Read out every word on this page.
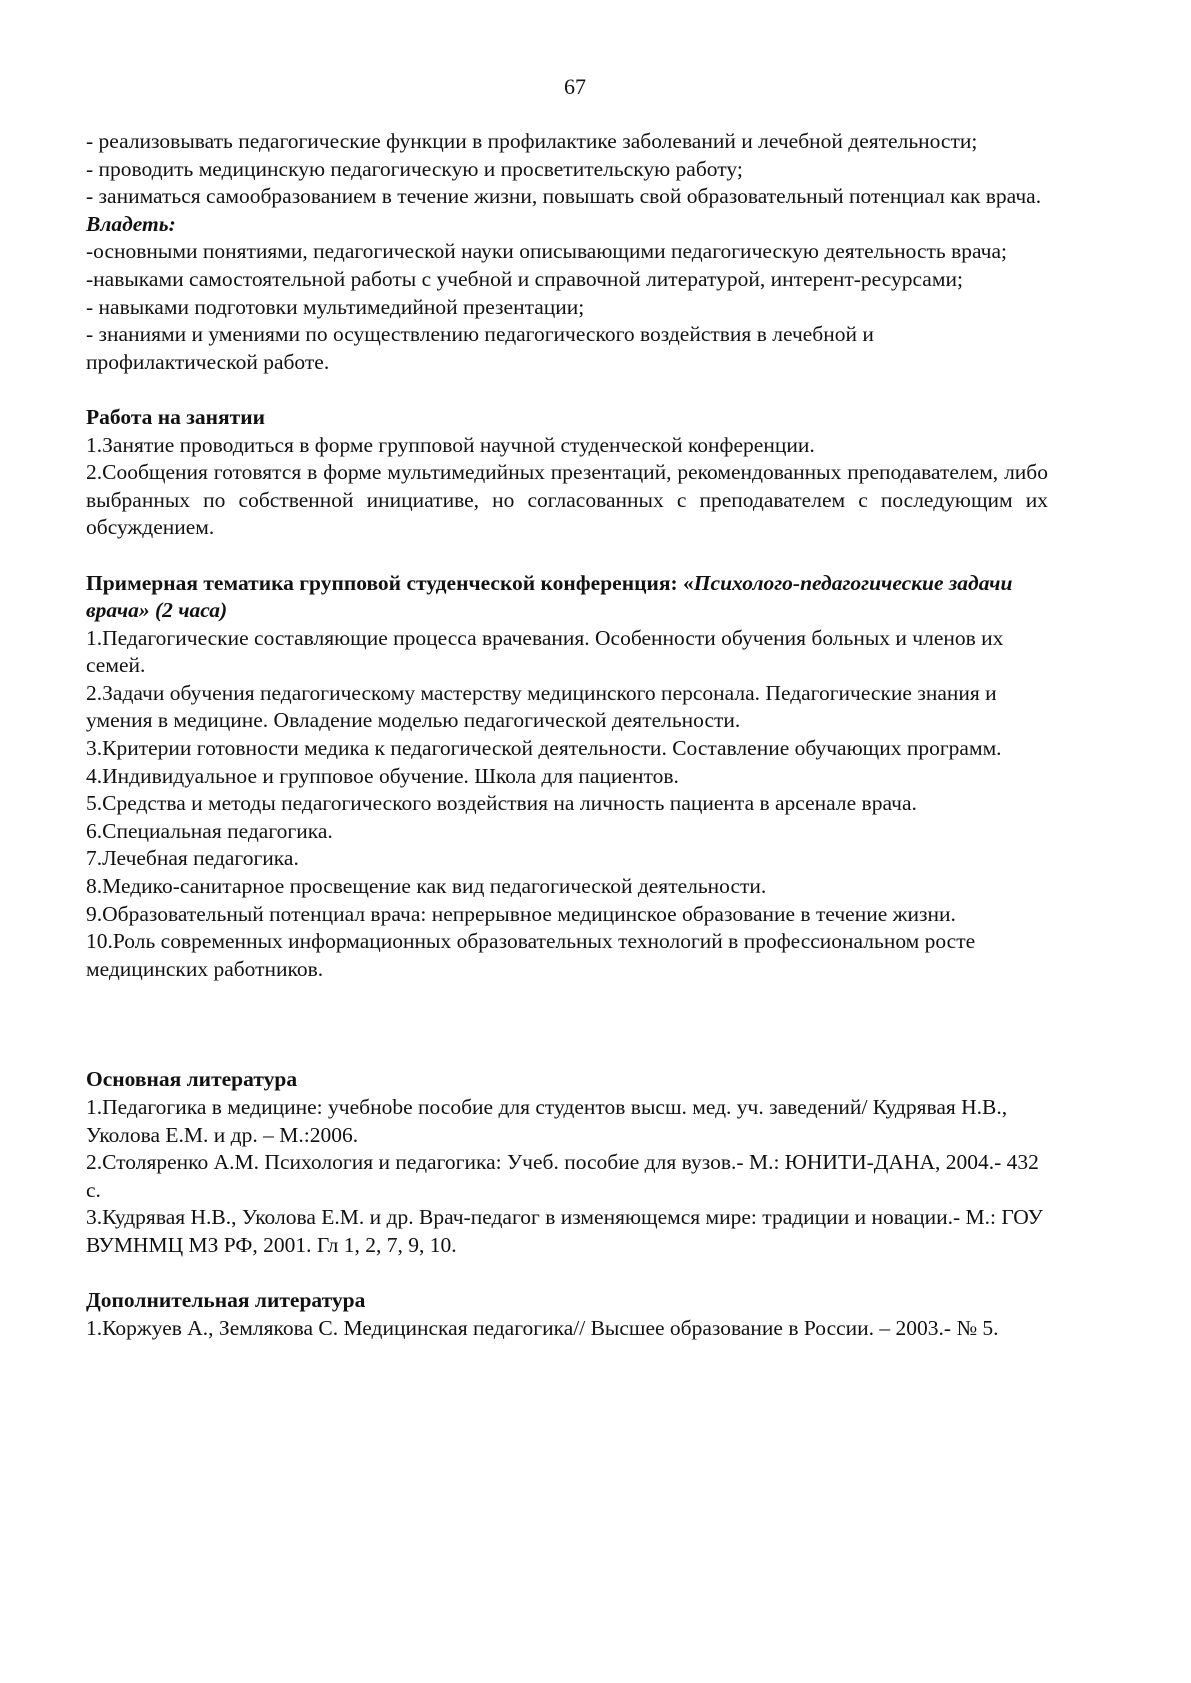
67

- реализовывать педагогические функции в профилактике заболеваний и лечебной деятельности;

- проводить медицинскую педагогическую и просветительскую работу;

- заниматься самообразованием в течение жизни, повышать свой образовательный потенциал как врача.

Владеть:

-основными понятиями, педагогической науки описывающими педагогическую деятельность врача;

-навыками самостоятельной работы с учебной и справочной литературой, интерент-ресурсами;

- навыками подготовки мультимедийной презентации;

- знаниями и умениями по осуществлению педагогического воздействия в лечебной и профилактической работе.

Работа на занятии

1.Занятие проводиться в форме групповой научной студенческой конференции.

2.Сообщения готовятся в форме мультимедийных презентаций, рекомендованных преподавателем, либо выбранных по собственной инициативе, но согласованных с преподавателем с последующим их обсуждением.

Примерная тематика групповой студенческой конференция: «Психолого-педагогические задачи врача» (2 часа)

1.Педагогические составляющие процесса врачевания. Особенности обучения больных и членов их семей.

2.Задачи обучения педагогическому мастерству медицинского персонала. Педагогические знания и умения в медицине. Овладение моделью педагогической деятельности.

3.Критерии готовности медика к педагогической деятельности. Составление обучающих программ.

4.Индивидуальное и групповое обучение. Школа для пациентов.

5.Средства и методы педагогического воздействия на личность пациента в арсенале врача.

6.Специальная педагогика.

7.Лечебная педагогика.

8.Медико-санитарное просвещение как вид педагогической деятельности.

9.Образовательный потенциал врача: непрерывное медицинское образование в течение жизни.

10.Роль современных информационных образовательных технологий в профессиональном росте медицинских работников.

Основная литература

1.Педагогика в медицине: учебноbе пособие для студентов высш. мед. уч. заведений/ Кудрявая Н.В., Уколова Е.М. и др. – М.:2006.

2.Столяренко А.М. Психология и педагогика: Учеб. пособие для вузов.- М.: ЮНИТИ-ДАНА, 2004.- 432 с.

3.Кудрявая Н.В., Уколова Е.М. и др. Врач-педагог в изменяющемся мире: традиции и новации.- М.: ГОУ ВУМНМЦ МЗ РФ, 2001. Гл 1, 2, 7, 9, 10.

Дополнительная литература

1.Коржуев А., Землякова С. Медицинская педагогика// Высшее образование в России. – 2003.- № 5.
